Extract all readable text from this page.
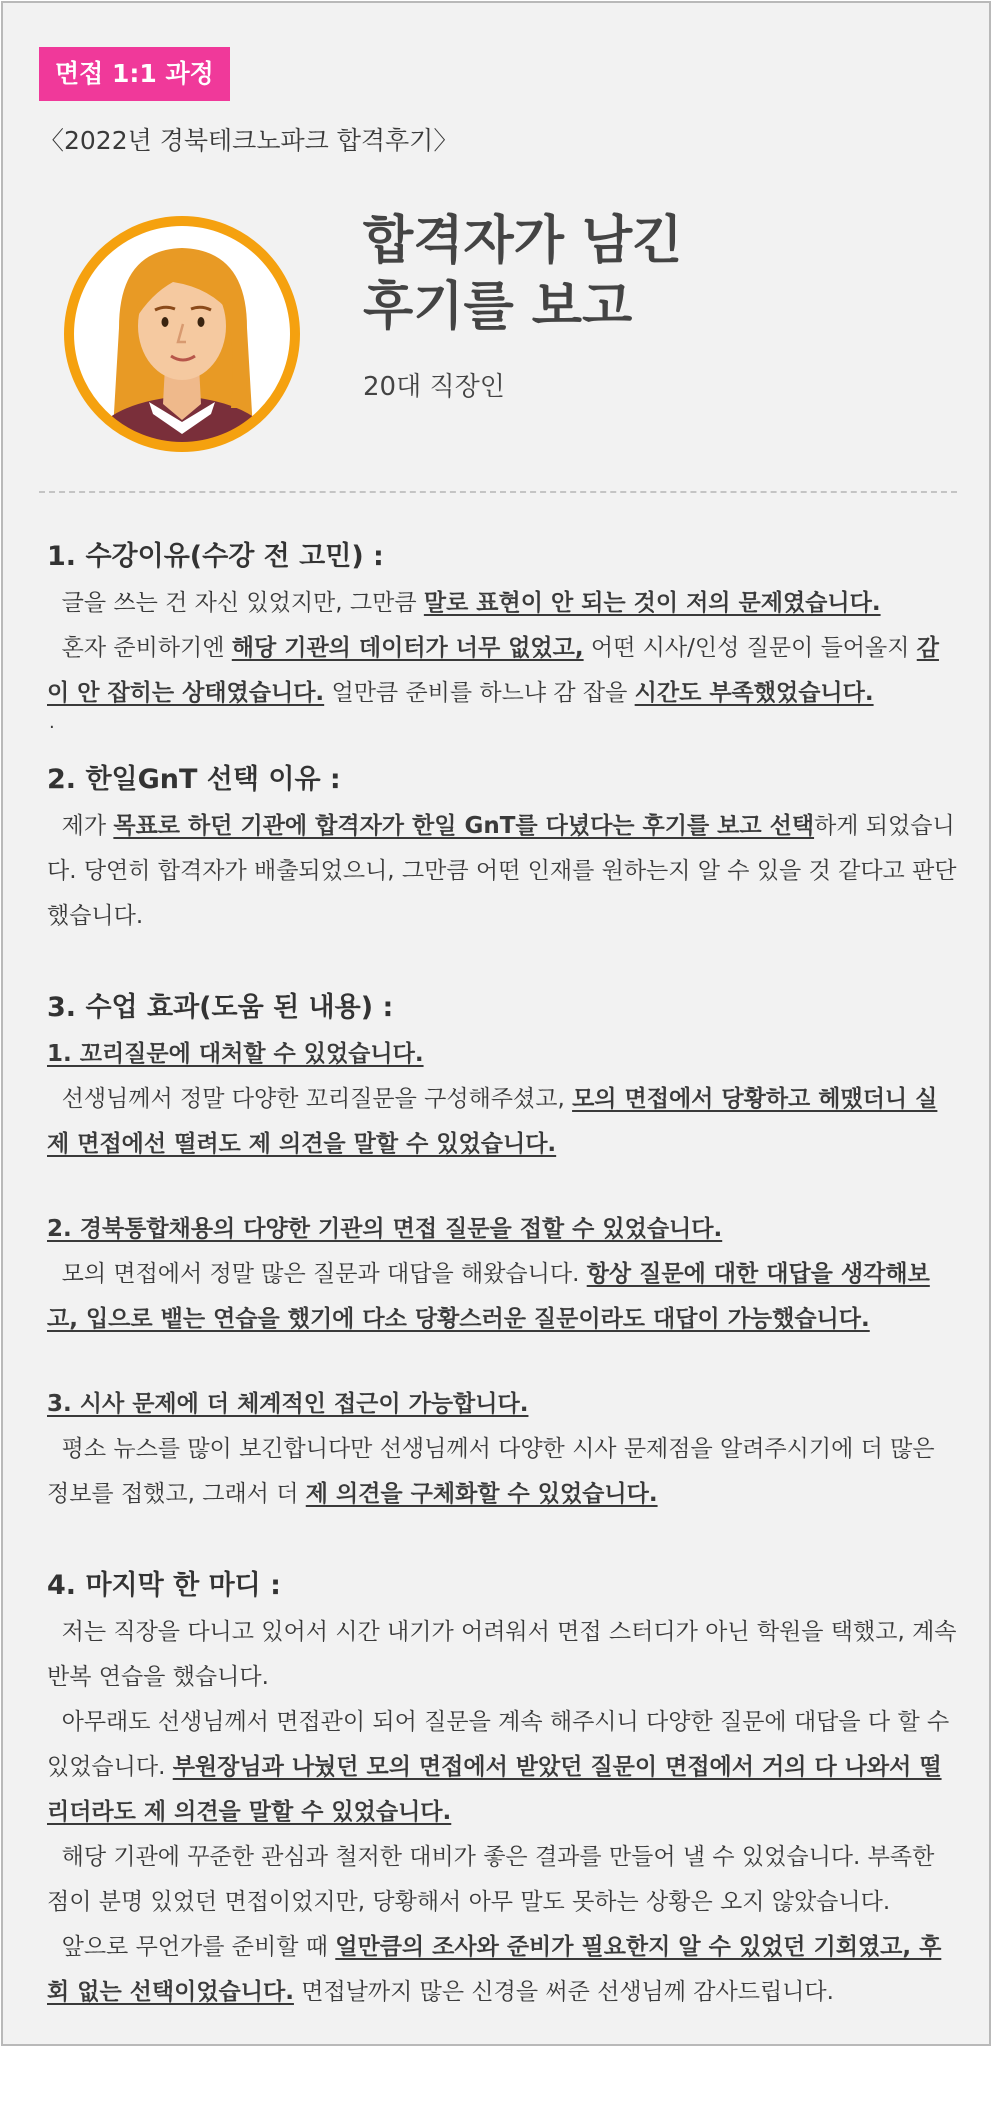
면접 1:1 과정
〈2022년 경북테크노파크 합격후기〉
합격자가 남긴
후기를 보고
20대 직장인
1. 수강이유(수강 전 고민) :

글을 쓰는 건 자신 있었지만, 그만큼 말로 표현이 안 되는 것이 저의 문제였습니다.

혼자 준비하기엔 해당 기관의 데이터가 너무 없었고, 어떤 시사/인성 질문이 들어올지 감이 안 잡히는 상태였습니다. 얼만큼 준비를 하느냐 감 잡을 시간도 부족했었습니다.

·
2. 한일GnT 선택 이유 :

제가 목표로 하던 기관에 합격자가 한일 GnT를 다녔다는 후기를 보고 선택하게 되었습니다. 당연히 합격자가 배출되었으니, 그만큼 어떤 인재를 원하는지 알 수 있을 것 같다고 판단했습니다.

3. 수업 효과(도움 된 내용) :

1. 꼬리질문에 대처할 수 있었습니다.

선생님께서 정말 다양한 꼬리질문을 구성해주셨고, 모의 면접에서 당황하고 헤맸더니 실제 면접에선 떨려도 제 의견을 말할 수 있었습니다.

2. 경북통합채용의 다양한 기관의 면접 질문을 접할 수 있었습니다.

모의 면접에서 정말 많은 질문과 대답을 해왔습니다. 항상 질문에 대한 대답을 생각해보고, 입으로 뱉는 연습을 했기에 다소 당황스러운 질문이라도 대답이 가능했습니다.

3. 시사 문제에 더 체계적인 접근이 가능합니다.

평소 뉴스를 많이 보긴합니다만 선생님께서 다양한 시사 문제점을 알려주시기에 더 많은 정보를 접했고, 그래서 더 제 의견을 구체화할 수 있었습니다.

4. 마지막 한 마디 :

저는 직장을 다니고 있어서 시간 내기가 어려워서 면접 스터디가 아닌 학원을 택했고, 계속 반복 연습을 했습니다.

아무래도 선생님께서 면접관이 되어 질문을 계속 해주시니 다양한 질문에 대답을 다 할 수 있었습니다. 부원장님과 나눴던 모의 면접에서 받았던 질문이 면접에서 거의 다 나와서 떨리더라도 제 의견을 말할 수 있었습니다.

해당 기관에 꾸준한 관심과 철저한 대비가 좋은 결과를 만들어 낼 수 있었습니다. 부족한 점이 분명 있었던 면접이었지만, 당황해서 아무 말도 못하는 상황은 오지 않았습니다.

앞으로 무언가를 준비할 때 얼만큼의 조사와 준비가 필요한지 알 수 있었던 기회였고, 후회 없는 선택이었습니다. 면접날까지 많은 신경을 써준 선생님께 감사드립니다.
